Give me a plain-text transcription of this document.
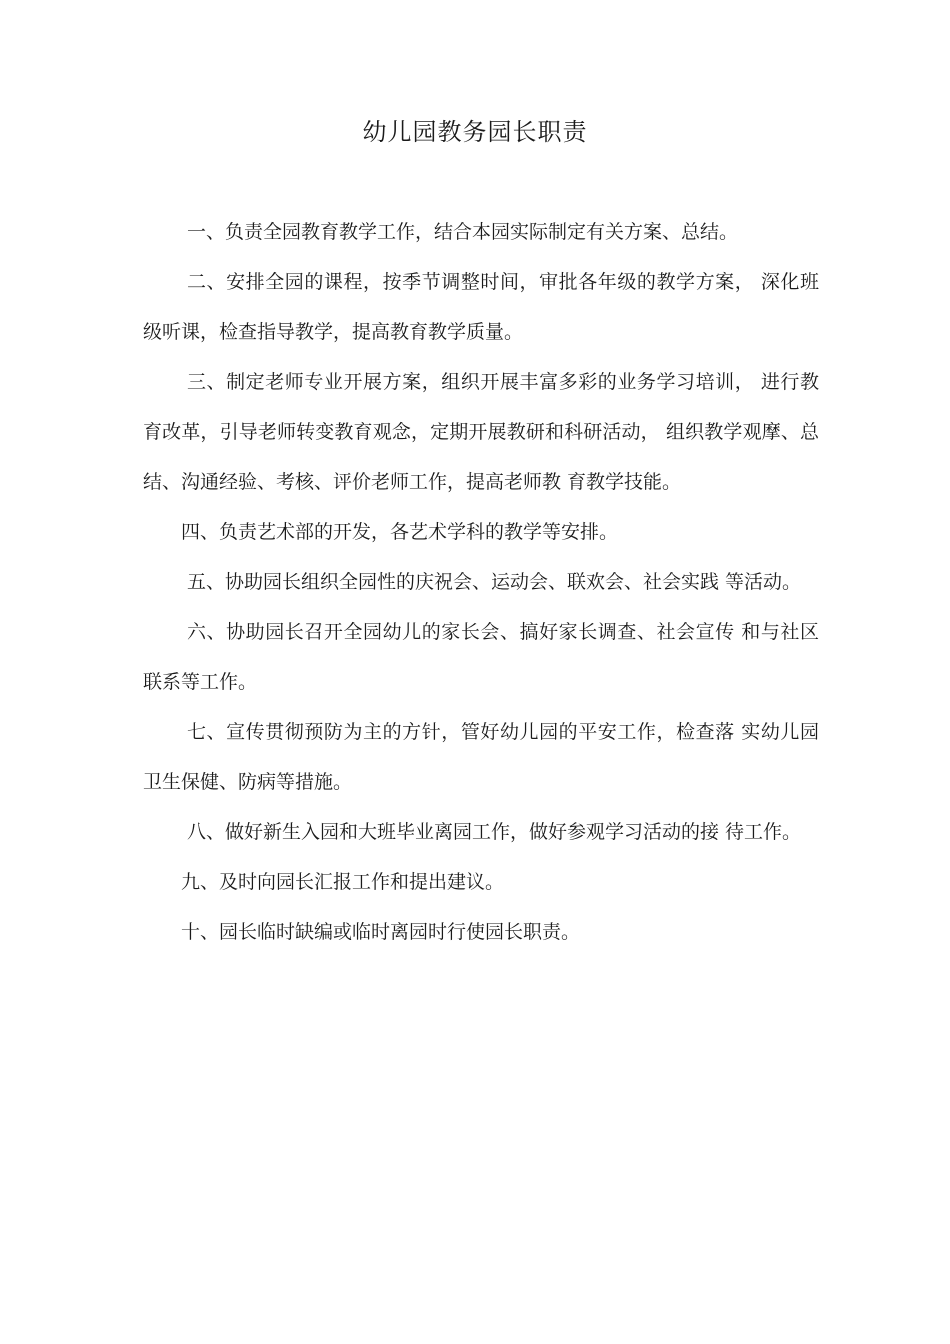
幼儿园教务园长职责

一、负责全园教育教学工作，结合本园实际制定有关方案、总结。

二、安排全园的课程，按季节调整时间，审批各年级的教学方案， 深化班级听课，检查指导教学，提高教育教学质量。

三、制定老师专业开展方案，组织开展丰富多彩的业务学习培训， 进行教育改革，引导老师转变教育观念，定期开展教研和科研活动， 组织教学观摩、总结、沟通经验、考核、评价老师工作，提高老师教 育教学技能。

四、负责艺术部的开发，各艺术学科的教学等安排。

五、协助园长组织全园性的庆祝会、运动会、联欢会、社会实践 等活动。

六、协助园长召开全园幼儿的家长会、搞好家长调查、社会宣传 和与社区联系等工作。

七、宣传贯彻预防为主的方针，管好幼儿园的平安工作，检查落 实幼儿园卫生保健、防病等措施。

八、做好新生入园和大班毕业离园工作，做好参观学习活动的接 待工作。

九、及时向园长汇报工作和提出建议。

十、园长临时缺编或临时离园时行使园长职责。
